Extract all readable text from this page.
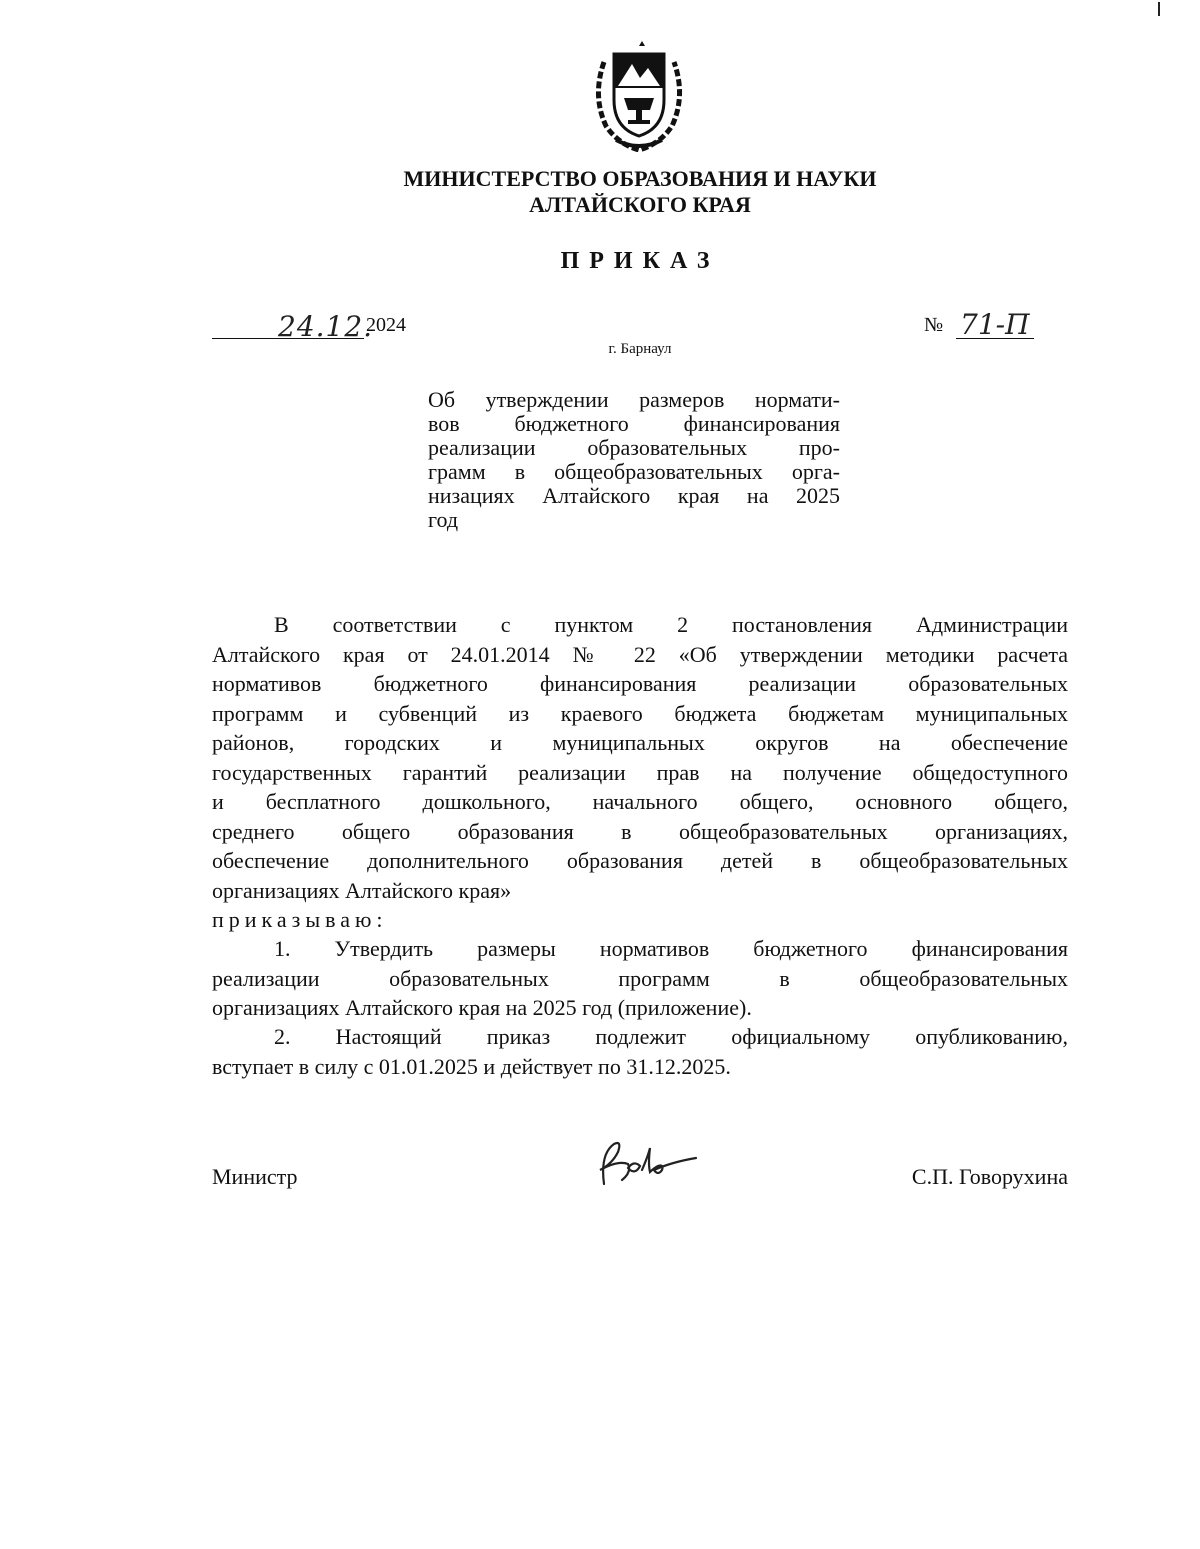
МИНИСТЕРСТВО ОБРАЗОВАНИЯ И НАУКИ
АЛТАЙСКОГО КРАЯ
ПРИКАЗ
24.12.
2024	№ 71-П
г. Барнаул
Об утверждении размеров нормати-
вов бюджетного финансирования
реализации образовательных про-
грамм в общеобразовательных орга-
низациях Алтайского края на 2025
год
В соответствии с пунктом 2 постановления Администрации
Алтайского края от 24.01.2014 № 22 «Об утверждении методики расчета
нормативов бюджетного финансирования реализации образовательных
программ и субвенций из краевого бюджета бюджетам муниципальных
районов, городских и муниципальных округов на обеспечение
государственных гарантий реализации прав на получение общедоступного
и бесплатного дошкольного, начального общего, основного общего,
среднего общего образования в общеобразовательных организациях,
обеспечение дополнительного образования детей в общеобразовательных
организациях Алтайского края»
приказываю:
1. Утвердить размеры нормативов бюджетного финансирования
реализации образовательных программ в общеобразовательных
организациях Алтайского края на 2025 год (приложение).
2. Настоящий приказ подлежит официальному опубликованию,
вступает в силу с 01.01.2025 и действует по 31.12.2025.
Министр	С.П. Говорухина
